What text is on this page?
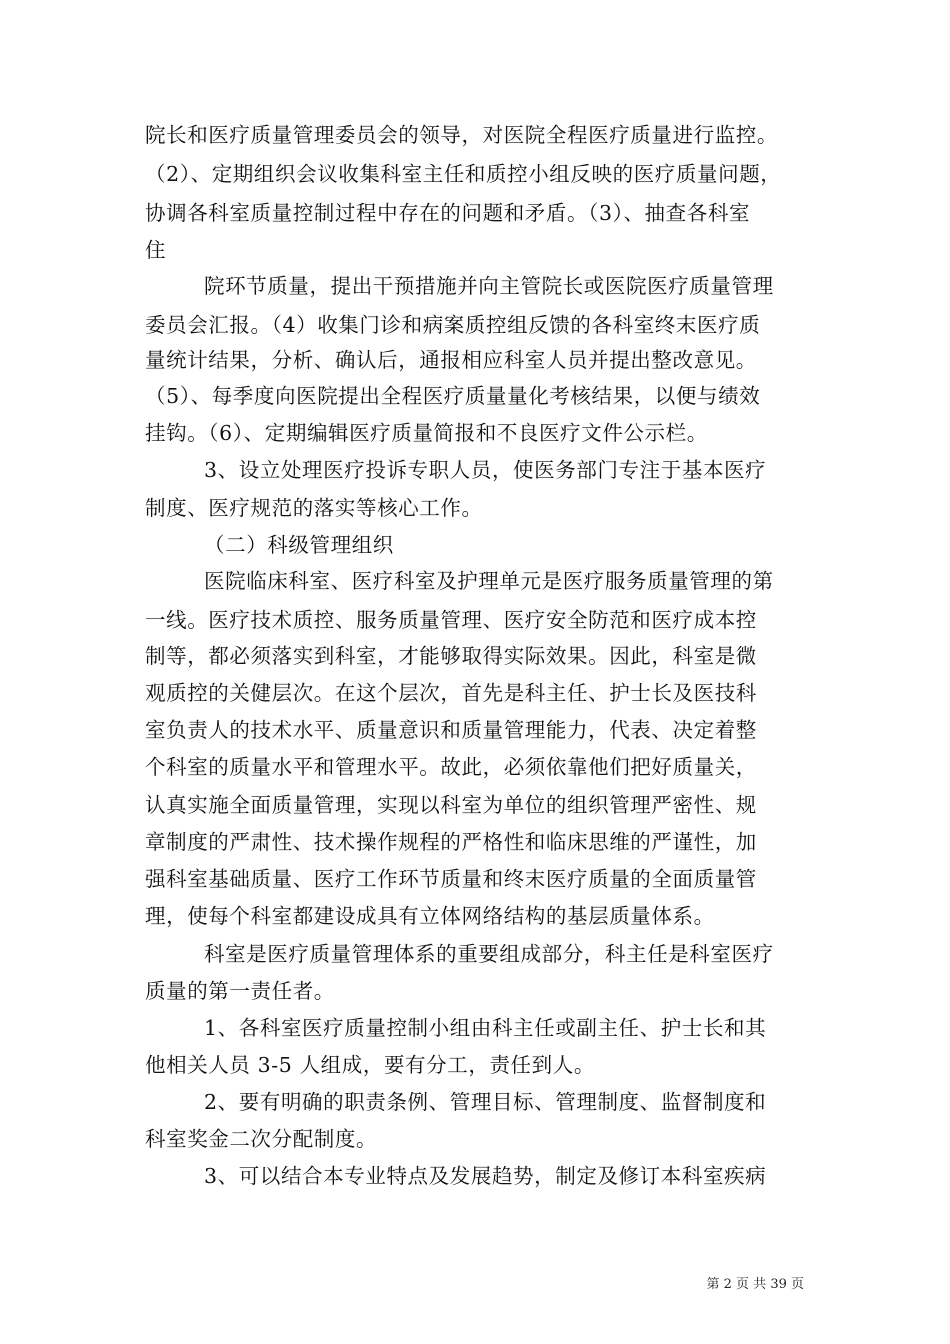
院长和医疗质量管理委员会的领导，对医院全程医疗质量进行监控。
（2）、定期组织会议收集科室主任和质控小组反映的医疗质量问题，
协调各科室质量控制过程中存在的问题和矛盾。（3）、抽查各科室
住
院环节质量，提出干预措施并向主管院长或医院医疗质量管理
委员会汇报。（4）收集门诊和病案质控组反馈的各科室终末医疗质
量统计结果，分析、确认后，通报相应科室人员并提出整改意见。
（5）、每季度向医院提出全程医疗质量量化考核结果，以便与绩效
挂钩。（6）、定期编辑医疗质量简报和不良医疗文件公示栏。
3、设立处理医疗投诉专职人员，使医务部门专注于基本医疗
制度、医疗规范的落实等核心工作。
（二）科级管理组织
医院临床科室、医疗科室及护理单元是医疗服务质量管理的第
一线。医疗技术质控、服务质量管理、医疗安全防范和医疗成本控
制等，都必须落实到科室，才能够取得实际效果。因此，科室是微
观质控的关健层次。在这个层次，首先是科主任、护士长及医技科
室负责人的技术水平、质量意识和质量管理能力，代表、决定着整
个科室的质量水平和管理水平。故此，必须依靠他们把好质量关，
认真实施全面质量管理，实现以科室为单位的组织管理严密性、规
章制度的严肃性、技术操作规程的严格性和临床思维的严谨性，加
强科室基础质量、医疗工作环节质量和终末医疗质量的全面质量管
理，使每个科室都建设成具有立体网络结构的基层质量体系。
科室是医疗质量管理体系的重要组成部分，科主任是科室医疗
质量的第一责任者。
1、各科室医疗质量控制小组由科主任或副主任、护士长和其
他相关人员 3-5 人组成，要有分工，责任到人。
2、要有明确的职责条例、管理目标、管理制度、监督制度和
科室奖金二次分配制度。
3、可以结合本专业特点及发展趋势，制定及修订本科室疾病
第 2 页 共 39 页
